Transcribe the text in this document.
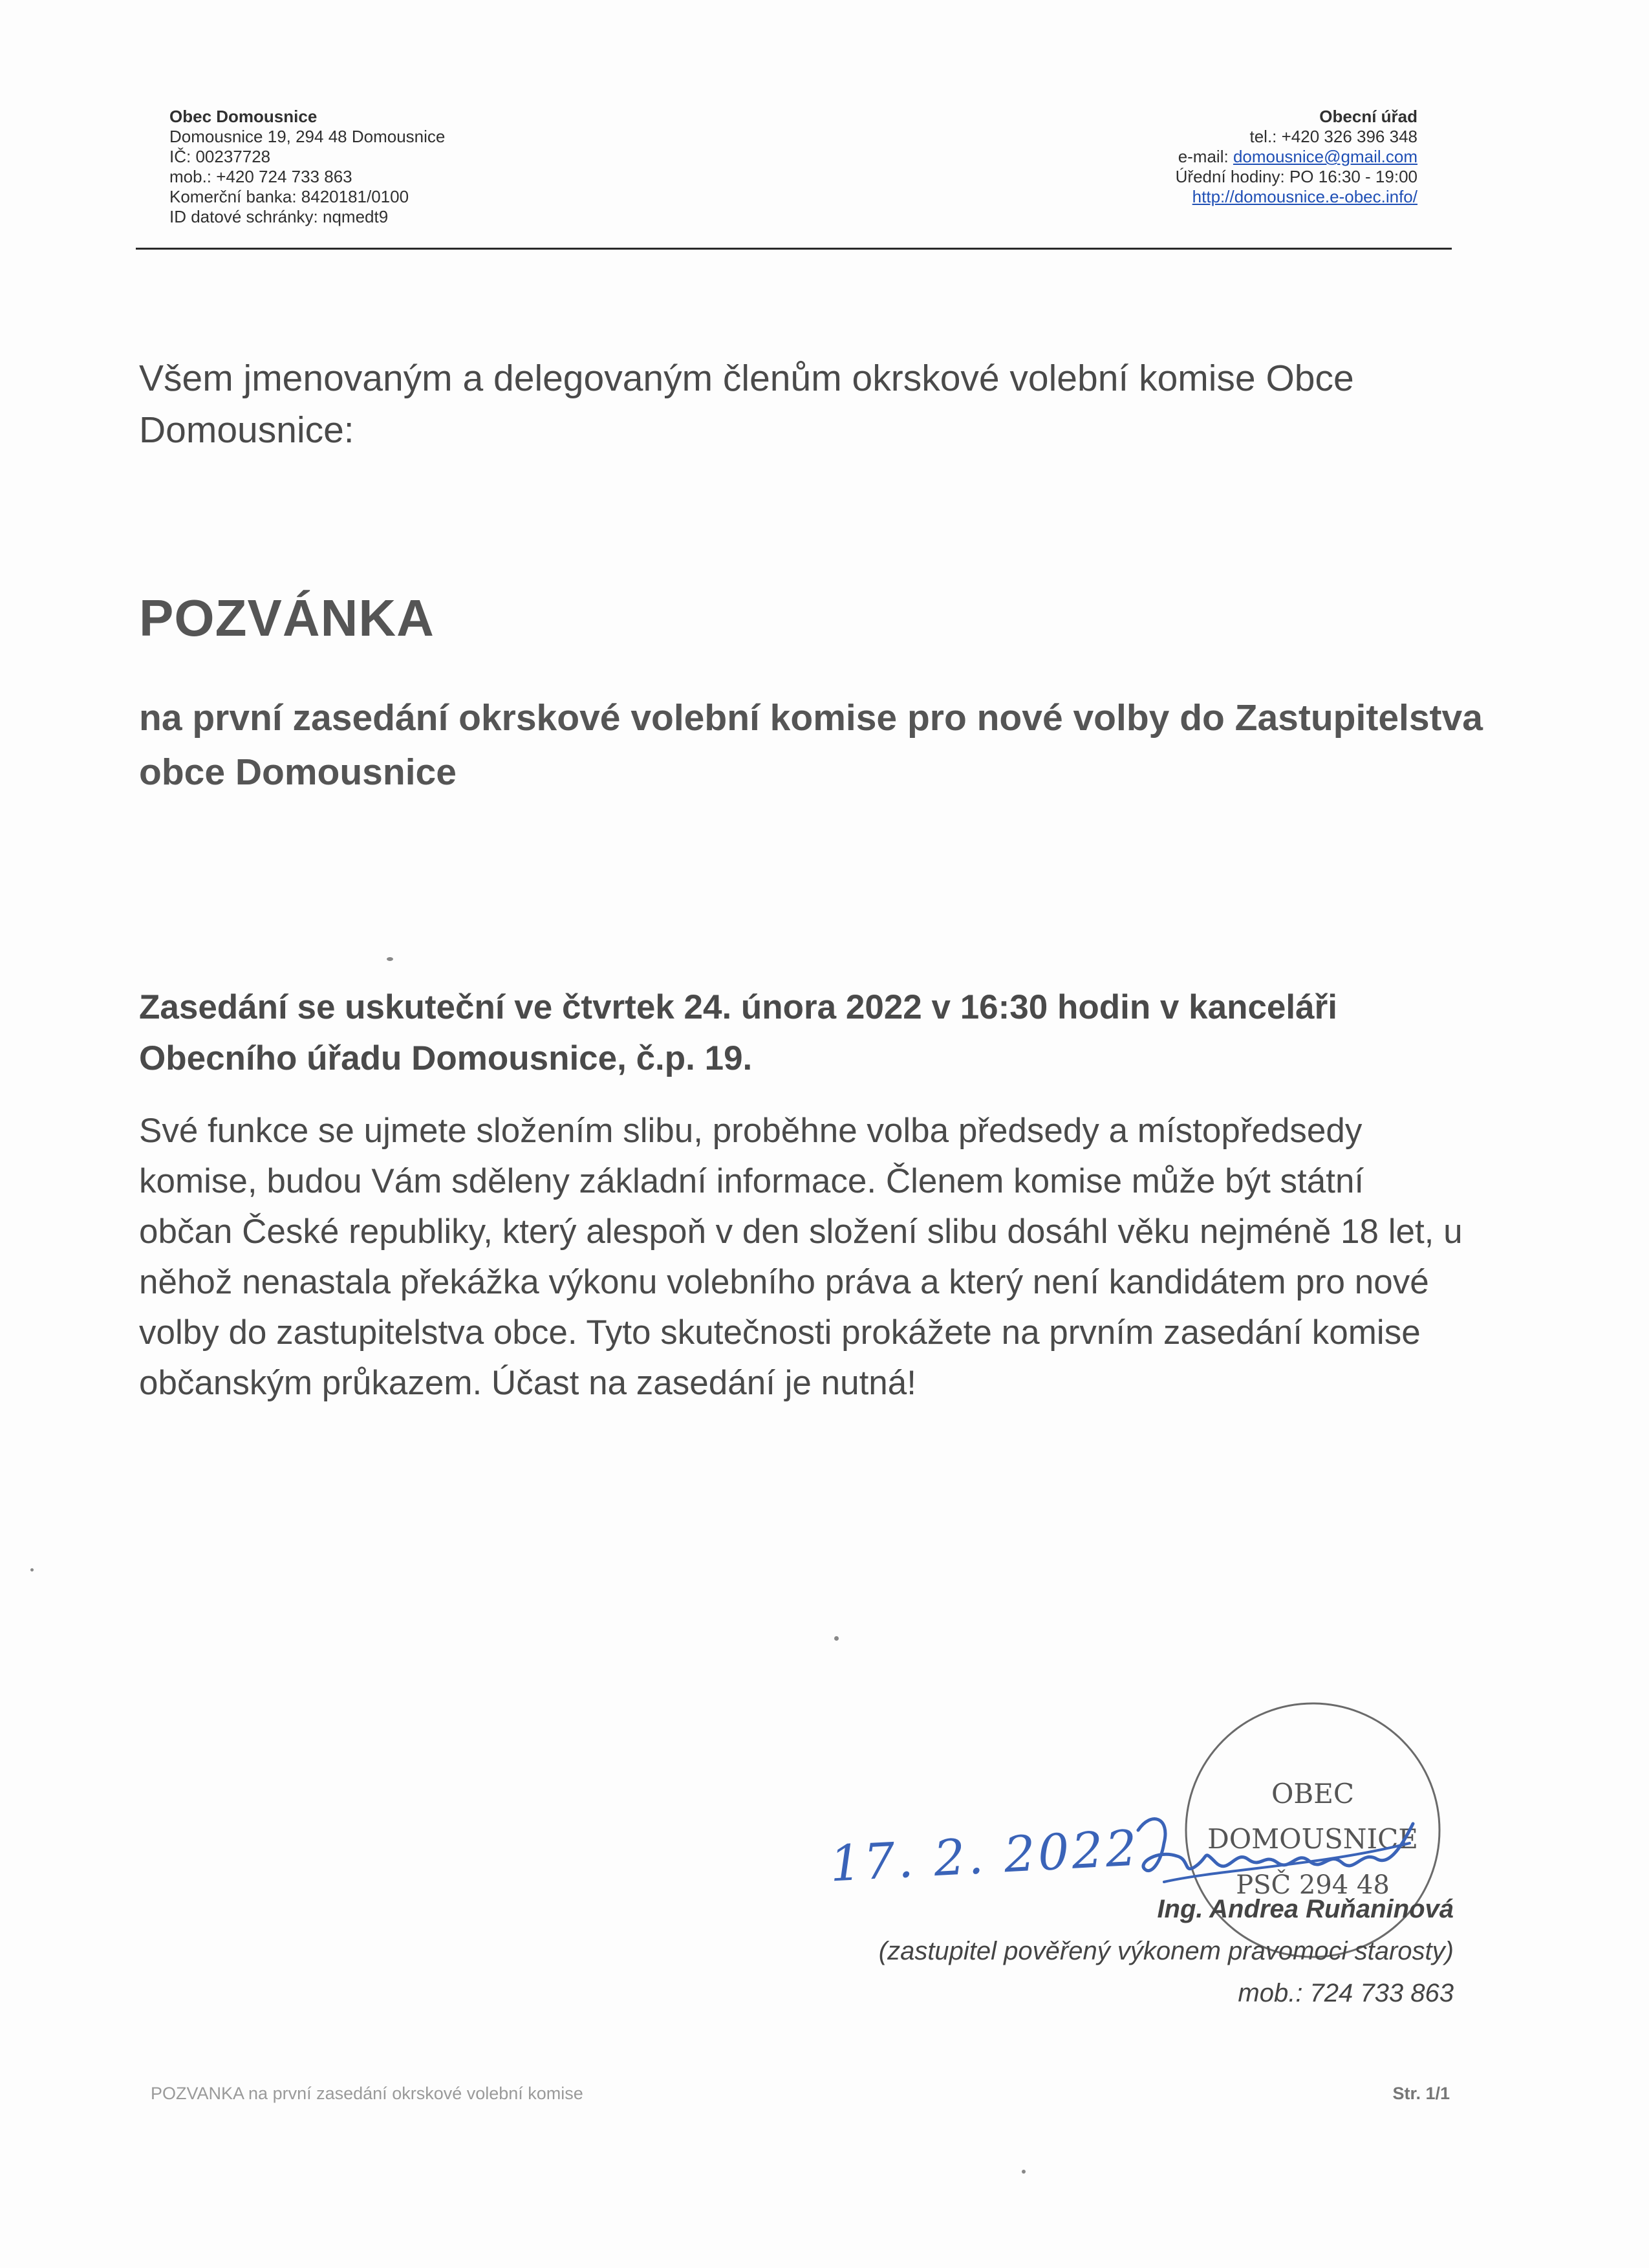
Obec Domousnice
Domousnice 19, 294 48 Domousnice
IČ: 00237728
mob.: +420 724 733 863
Komerční banka: 8420181/0100
ID datové schránky: nqmedt9
Obecní úřad
tel.: +420 326 396 348
e-mail: domousnice@gmail.com
Úřední hodiny: PO 16:30 - 19:00
http://domousnice.e-obec.info/
Všem jmenovaným a delegovaným členům okrskové volební komise Obce Domousnice:
POZVÁNKA
na první zasedání okrskové volební komise pro nové volby do Zastupitelstva obce Domousnice
Zasedání se uskuteční ve čtvrtek 24. února 2022 v 16:30 hodin v kanceláři Obecního úřadu Domousnice, č.p. 19.
Své funkce se ujmete složením slibu, proběhne volba předsedy a místopředsedy komise, budou Vám sděleny základní informace. Členem komise může být státní občan České republiky, který alespoň v den složení slibu dosáhl věku nejméně 18 let, u něhož nenastala překážka výkonu volebního práva a který není kandidátem pro nové volby do zastupitelstva obce. Tyto skutečnosti prokážete na prvním zasedání komise občanským průkazem. Účast na zasedání je nutná!
17. 2. 2022
OBEC
DOMOUSNICE
PSČ 294 48
Ing. Andrea Ruňaninová
(zastupitel pověřený výkonem pravomoci starosty)
mob.: 724 733 863
POZVANKA na první zasedání okrskové volební komise	Str. 1/1
